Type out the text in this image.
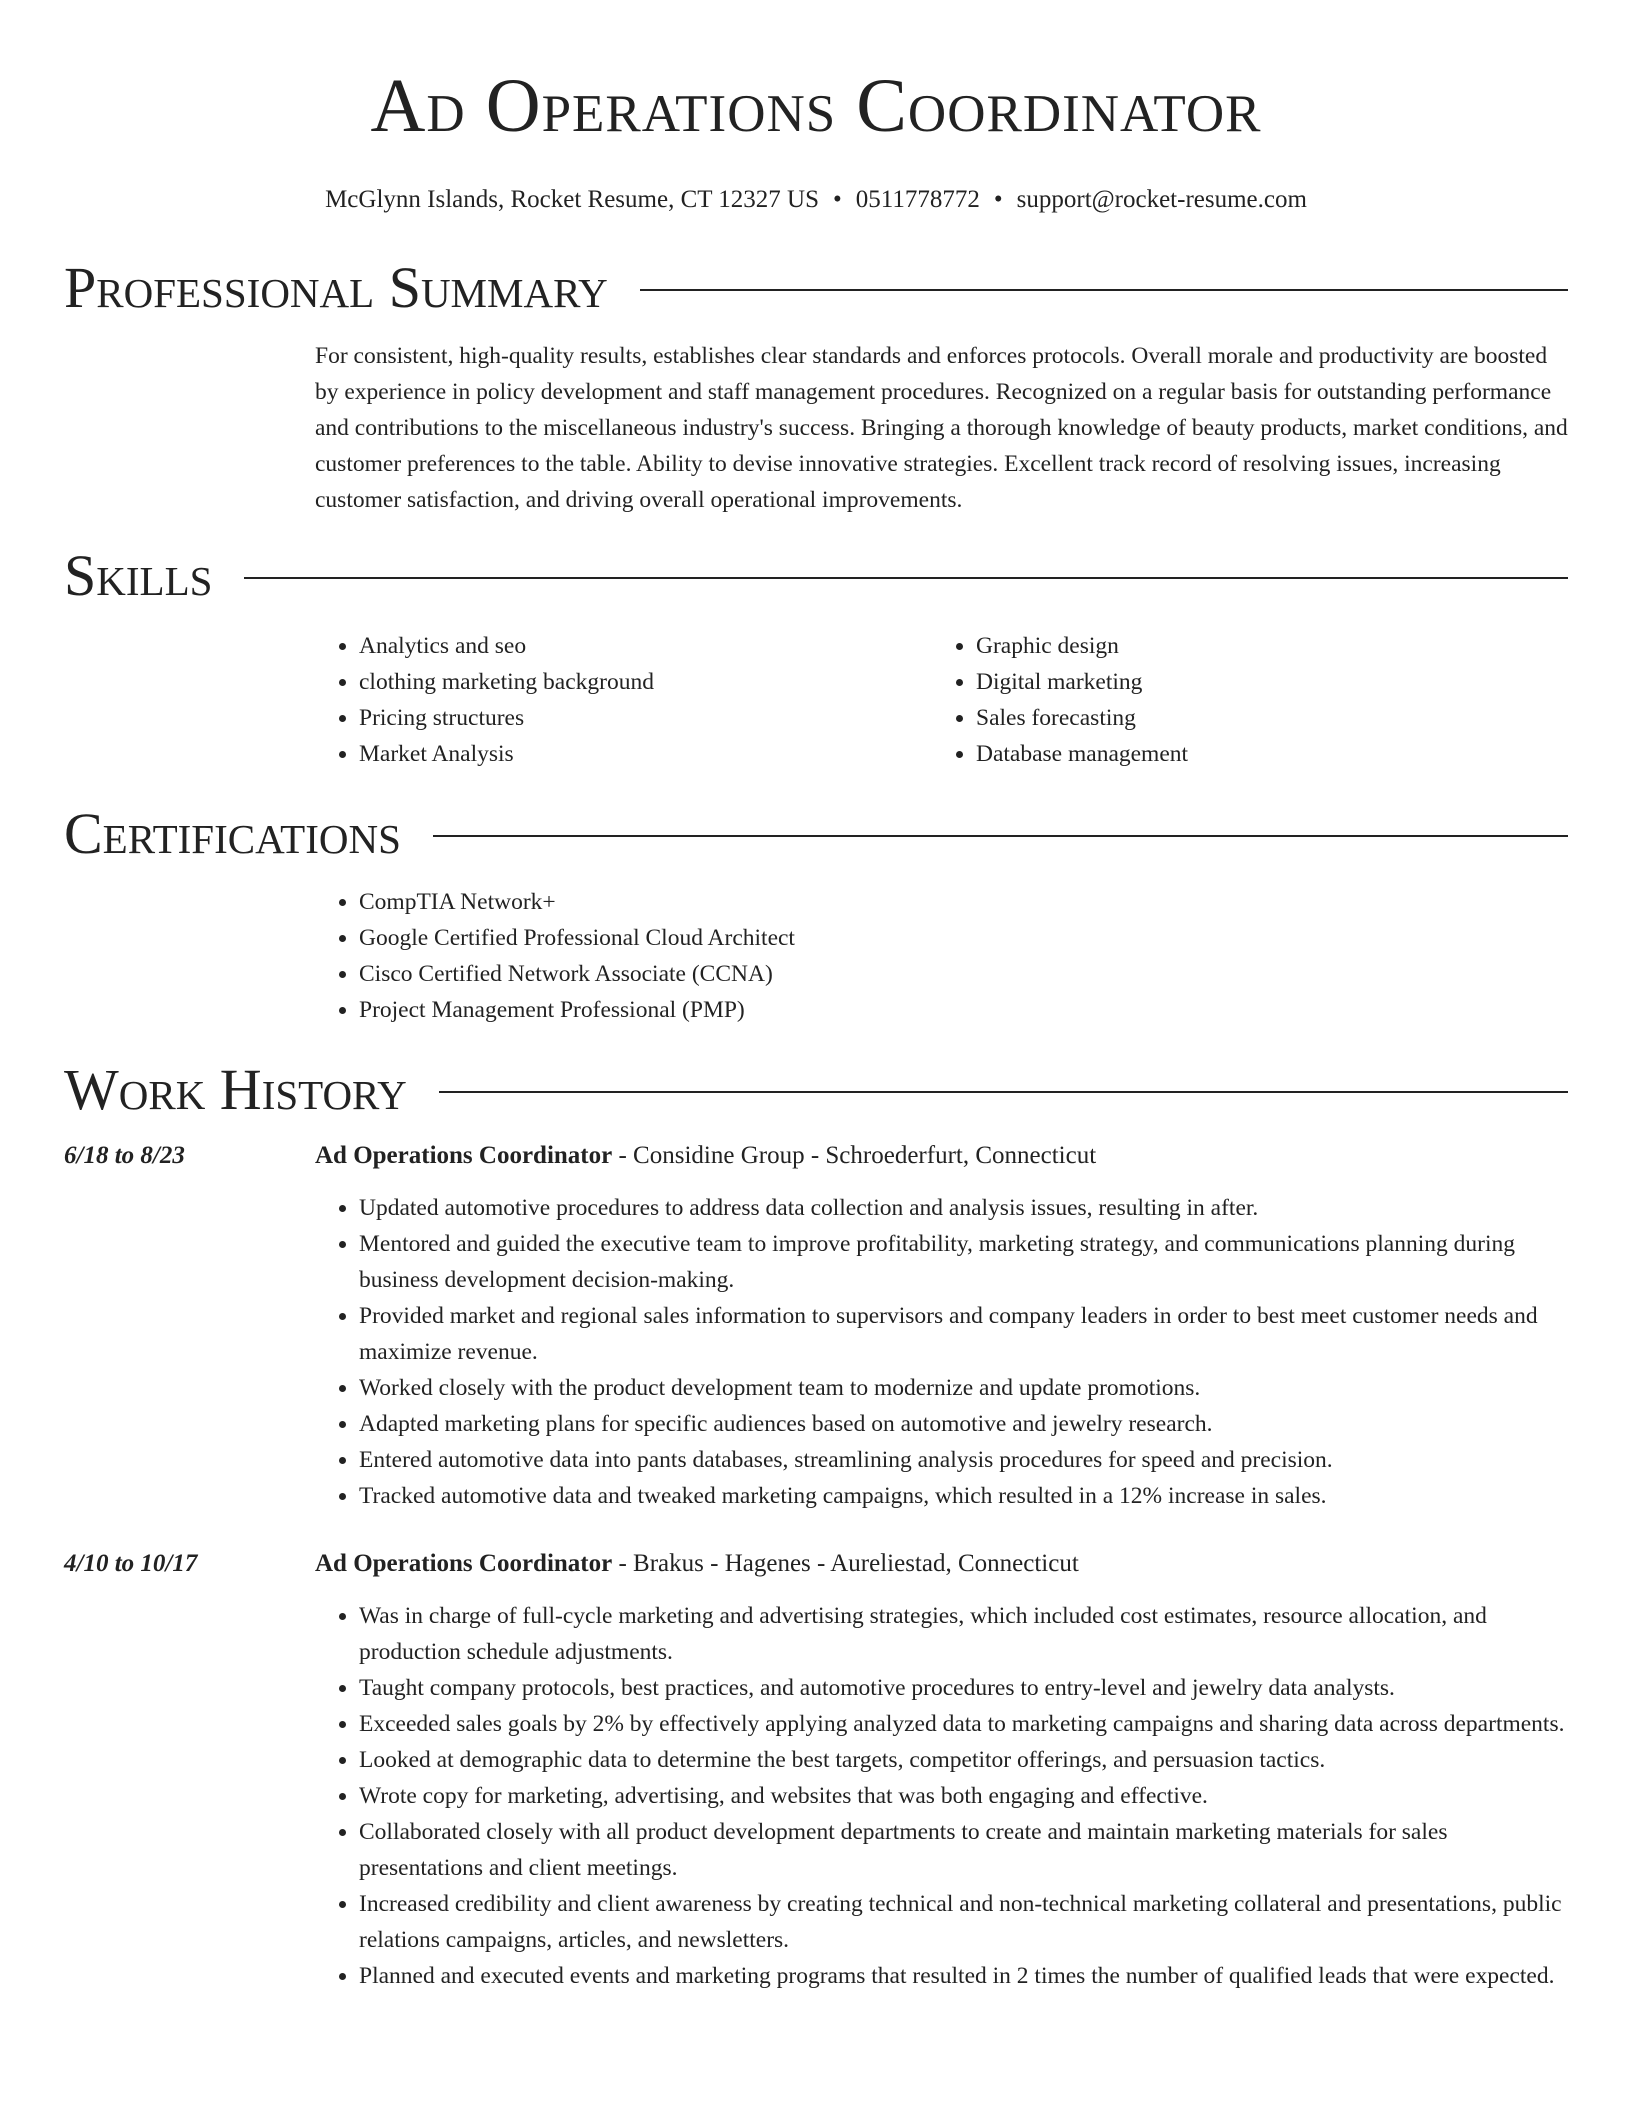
Ad Operations Coordinator
McGlynn Islands, Rocket Resume, CT 12327 US • 0511778772 • support@rocket-resume.com
Professional Summary
For consistent, high-quality results, establishes clear standards and enforces protocols. Overall morale and productivity are boosted by experience in policy development and staff management procedures. Recognized on a regular basis for outstanding performance and contributions to the miscellaneous industry's success. Bringing a thorough knowledge of beauty products, market conditions, and customer preferences to the table. Ability to devise innovative strategies. Excellent track record of resolving issues, increasing customer satisfaction, and driving overall operational improvements.
Skills
• Analytics and seo
• clothing marketing background
• Pricing structures
• Market Analysis
• Graphic design
• Digital marketing
• Sales forecasting
• Database management
Certifications
• CompTIA Network+
• Google Certified Professional Cloud Architect
• Cisco Certified Network Associate (CCNA)
• Project Management Professional (PMP)
Work History
6/18 to 8/23	Ad Operations Coordinator - Considine Group - Schroederfurt, Connecticut
• Updated automotive procedures to address data collection and analysis issues, resulting in after.
• Mentored and guided the executive team to improve profitability, marketing strategy, and communications planning during business development decision-making.
• Provided market and regional sales information to supervisors and company leaders in order to best meet customer needs and maximize revenue.
• Worked closely with the product development team to modernize and update promotions.
• Adapted marketing plans for specific audiences based on automotive and jewelry research.
• Entered automotive data into pants databases, streamlining analysis procedures for speed and precision.
• Tracked automotive data and tweaked marketing campaigns, which resulted in a 12% increase in sales.
4/10 to 10/17	Ad Operations Coordinator - Brakus - Hagenes - Aureliestad, Connecticut
• Was in charge of full-cycle marketing and advertising strategies, which included cost estimates, resource allocation, and production schedule adjustments.
• Taught company protocols, best practices, and automotive procedures to entry-level and jewelry data analysts.
• Exceeded sales goals by 2% by effectively applying analyzed data to marketing campaigns and sharing data across departments.
• Looked at demographic data to determine the best targets, competitor offerings, and persuasion tactics.
• Wrote copy for marketing, advertising, and websites that was both engaging and effective.
• Collaborated closely with all product development departments to create and maintain marketing materials for sales presentations and client meetings.
• Increased credibility and client awareness by creating technical and non-technical marketing collateral and presentations, public relations campaigns, articles, and newsletters.
• Planned and executed events and marketing programs that resulted in 2 times the number of qualified leads that were expected.
